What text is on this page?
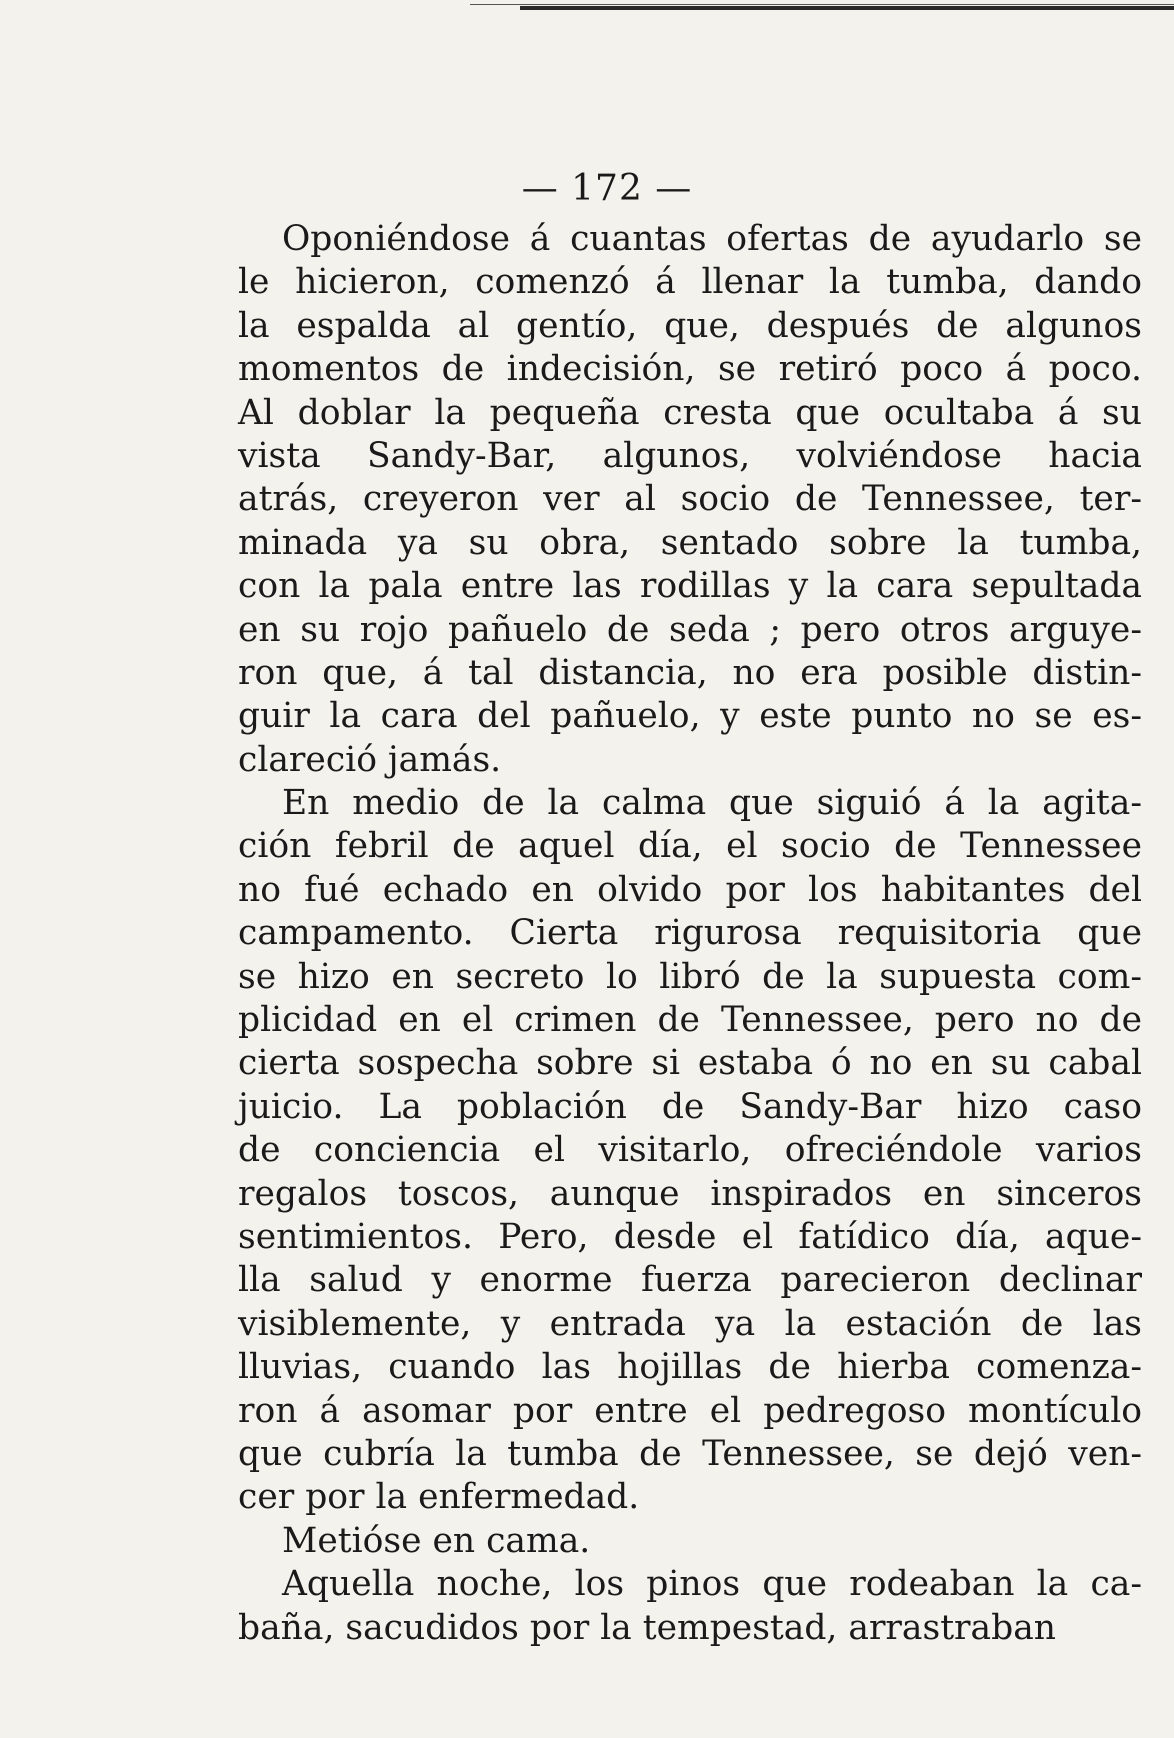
— 172 —
Oponiéndose á cuantas ofertas de ayudarlo se
le hicieron, comenzó á llenar la tumba, dando
la espalda al gentío, que, después de algunos
momentos de indecisión, se retiró poco á poco.
Al doblar la pequeña cresta que ocultaba á su
vista Sandy-Bar, algunos, volviéndose hacia
atrás, creyeron ver al socio de Tennessee, ter-
minada ya su obra, sentado sobre la tumba,
con la pala entre las rodillas y la cara sepultada
en su rojo pañuelo de seda ; pero otros arguye-
ron que, á tal distancia, no era posible distin-
guir la cara del pañuelo, y este punto no se es-
clareció jamás.
En medio de la calma que siguió á la agita-
ción febril de aquel día, el socio de Tennessee
no fué echado en olvido por los habitantes del
campamento. Cierta rigurosa requisitoria que
se hizo en secreto lo libró de la supuesta com-
plicidad en el crimen de Tennessee, pero no de
cierta sospecha sobre si estaba ó no en su cabal
juicio. La población de Sandy-Bar hizo caso
de conciencia el visitarlo, ofreciéndole varios
regalos toscos, aunque inspirados en sinceros
sentimientos. Pero, desde el fatídico día, aque-
lla salud y enorme fuerza parecieron declinar
visiblemente, y entrada ya la estación de las
lluvias, cuando las hojillas de hierba comenza-
ron á asomar por entre el pedregoso montículo
que cubría la tumba de Tennessee, se dejó ven-
cer por la enfermedad.
Metióse en cama.
Aquella noche, los pinos que rodeaban la ca-
baña, sacudidos por la tempestad, arrastraban
